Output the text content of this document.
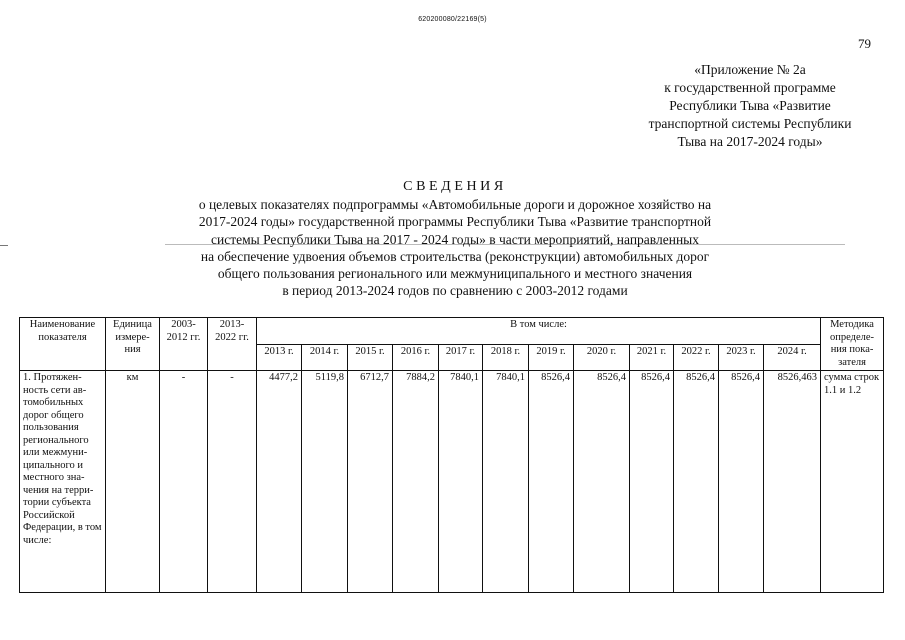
620200080/22169(5)
79
«Приложение № 2а
к государственной программе
Республики Тыва «Развитие
транспортной системы Республики
Тыва на 2017-2024 годы»
СВЕДЕНИЯ
о целевых показателях подпрограммы «Автомобильные дороги и дорожное хозяйство на
2017-2024 годы» государственной программы Республики Тыва «Развитие транспортной
системы Республики Тыва на 2017 - 2024 годы» в части мероприятий, направленных
на обеспечение удвоения объемов строительства (реконструкции) автомобильных дорог
общего пользования регионального или межмуниципального и местного значения
в период 2013-2024 годов по сравнению с 2003-2012 годами
Наименование показателя	Единица измере-ния	2003-2012 гг.	2013-2022 гг.	В том числе:												Методика определе-ния пока-зателя
				2013 г.	2014 г.	2015 г.	2016 г.	2017 г.	2018 г.	2019 г.	2020 г.	2021 г.	2022 г.	2023 г.	2024 г.	
1. Протяжен-ность сети ав-томобильных дорог общего пользования регионального или межмуни-ципального и местного зна-чения на терри-тории субъекта Российской Федерации, в том числе:	км	-	-	4477,2	5119,8	6712,7	7884,2	7840,1	7840,1	8526,4	8526,4	8526,4	8526,4	8526,4	8526,463	сумма строк 1.1 и 1.2
